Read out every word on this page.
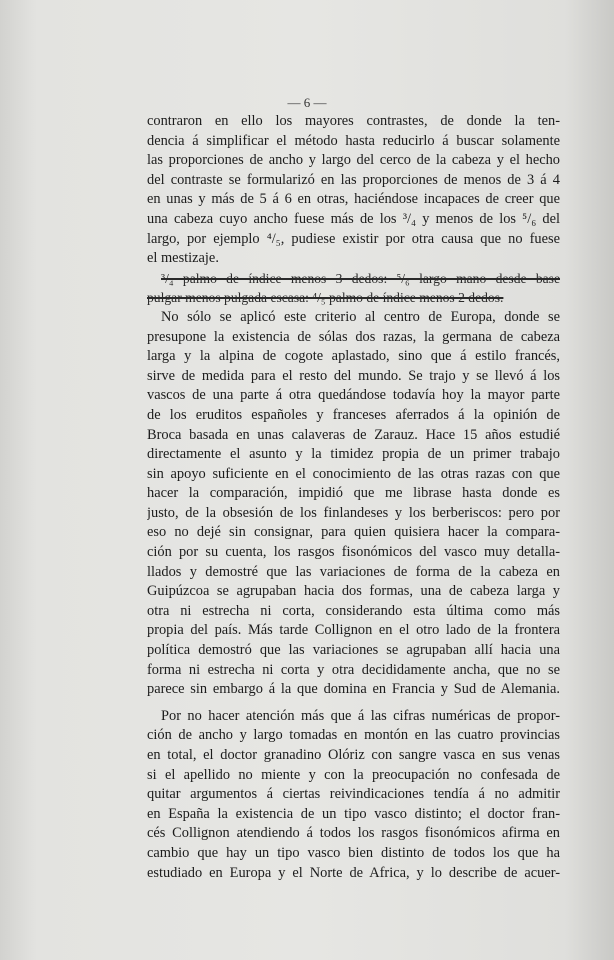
— 6 —
contraron en ello los mayores contrastes, de donde la ten-
dencia á simplificar el método hasta reducirlo á buscar solamente
las proporciones de ancho y largo del cerco de la cabeza y el hecho
del contraste se formularizó en las proporciones de menos de 3 á 4
en unas y más de 5 á 6 en otras, haciéndose incapaces de creer que
una cabeza cuyo ancho fuese más de los ³/₄ y menos de los ⁵/₆ del
largo, por ejemplo ⁴/₅, pudiese existir por otra causa que no fuese
el mestizaje.
³/₄ palmo de índice menos 3 dedos: ⁵/₆ largo mano desde base
pulgar menos pulgada escasa: ⁴/₅ palmo de índice menos 2 dedos.
No sólo se aplicó este criterio al centro de Europa, donde se
presupone la existencia de sólas dos razas, la germana de cabeza
larga y la alpina de cogote aplastado, sino que á estilo francés,
sirve de medida para el resto del mundo. Se trajo y se llevó á los
vascos de una parte á otra quedándose todavía hoy la mayor parte
de los eruditos españoles y franceses aferrados á la opinión de
Broca basada en unas calaveras de Zarauz. Hace 15 años estudié
directamente el asunto y la timidez propia de un primer trabajo
sin apoyo suficiente en el conocimiento de las otras razas con que
hacer la comparación, impidió que me librase hasta donde es
justo, de la obsesión de los finlandeses y los berberiscos: pero por
eso no dejé sin consignar, para quien quisiera hacer la compara-
ción por su cuenta, los rasgos fisonómicos del vasco muy detalla-
llados y demostré que las variaciones de forma de la cabeza en
Guipúzcoa se agrupaban hacia dos formas, una de cabeza larga y
otra ni estrecha ni corta, considerando esta última como más
propia del país. Más tarde Collignon en el otro lado de la frontera
política demostró que las variaciones se agrupaban allí hacia una
forma ni estrecha ni corta y otra decididamente ancha, que no se
parece sin embargo á la que domina en Francia y Sud de Alemania.
Por no hacer atención más que á las cifras numéricas de propor-
ción de ancho y largo tomadas en montón en las cuatro provincias
en total, el doctor granadino Olóriz con sangre vasca en sus venas
si el apellido no miente y con la preocupación no confesada de
quitar argumentos á ciertas reivindicaciones tendía á no admitir
en España la existencia de un tipo vasco distinto; el doctor fran-
cés Collignon atendiendo á todos los rasgos fisonómicos afirma en
cambio que hay un tipo vasco bien distinto de todos los que ha
estudiado en Europa y el Norte de Africa, y lo describe de acuer-
